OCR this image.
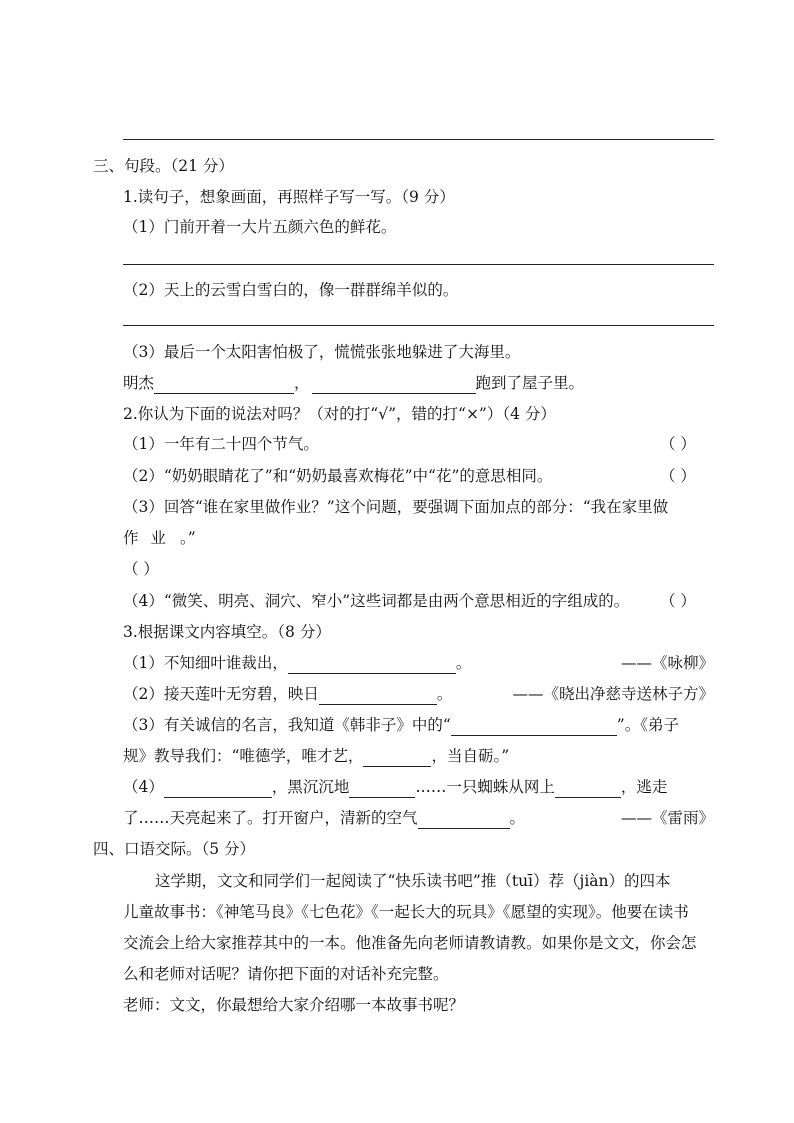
三、句段。（21 分）
1.读句子，想象画面，再照样子写一写。（9 分）
（1）门前开着一大片五颜六色的鲜花。
（2）天上的云雪白雪白的，像一群群绵羊似的。
（3）最后一个太阳害怕极了，慌慌张张地躲进了大海里。
明杰	，	跑到了屋子里。
2.你认为下面的说法对吗？（对的打“√”，错的打“×”）（4 分）
（1）一年有二十四个节气。	（ ）
（2）“奶奶眼睛花了”和“奶奶最喜欢梅花”中“花”的意思相同。	（ ）
（3）回答“谁在家里做作业？”这个问题，要强调下面加点的部分：“我在家里做
作 业 。”
（ ）
（4）“微笑、明亮、洞穴、窄小”这些词都是由两个意思相近的字组成的。 （ ）
3.根据课文内容填空。（8 分）
（1）不知细叶谁裁出，	。	——《咏柳》
（2）接天莲叶无穷碧，映日	。	——《晓出净慈寺送林子方》
（3）有关诚信的名言，我知道《韩非子》中的“	”。《弟子
规》教导我们：“唯德学，唯才艺，	，当自砺。”
（4）	，黑沉沉地	……一只蜘蛛从网上	，逃走
了……天亮起来了。打开窗户，清新的空气	。	——《雷雨》
四、口语交际。（5 分）
这学期，文文和同学们一起阅读了“快乐读书吧”推（tuī）荐（jiàn）的四本
儿童故事书：《神笔马良》《七色花》《一起长大的玩具》《愿望的实现》。他要在读书
交流会上给大家推荐其中的一本。他准备先向老师请教请教。如果你是文文，你会怎
么和老师对话呢？请你把下面的对话补充完整。
老师：文文，你最想给大家介绍哪一本故事书呢？
